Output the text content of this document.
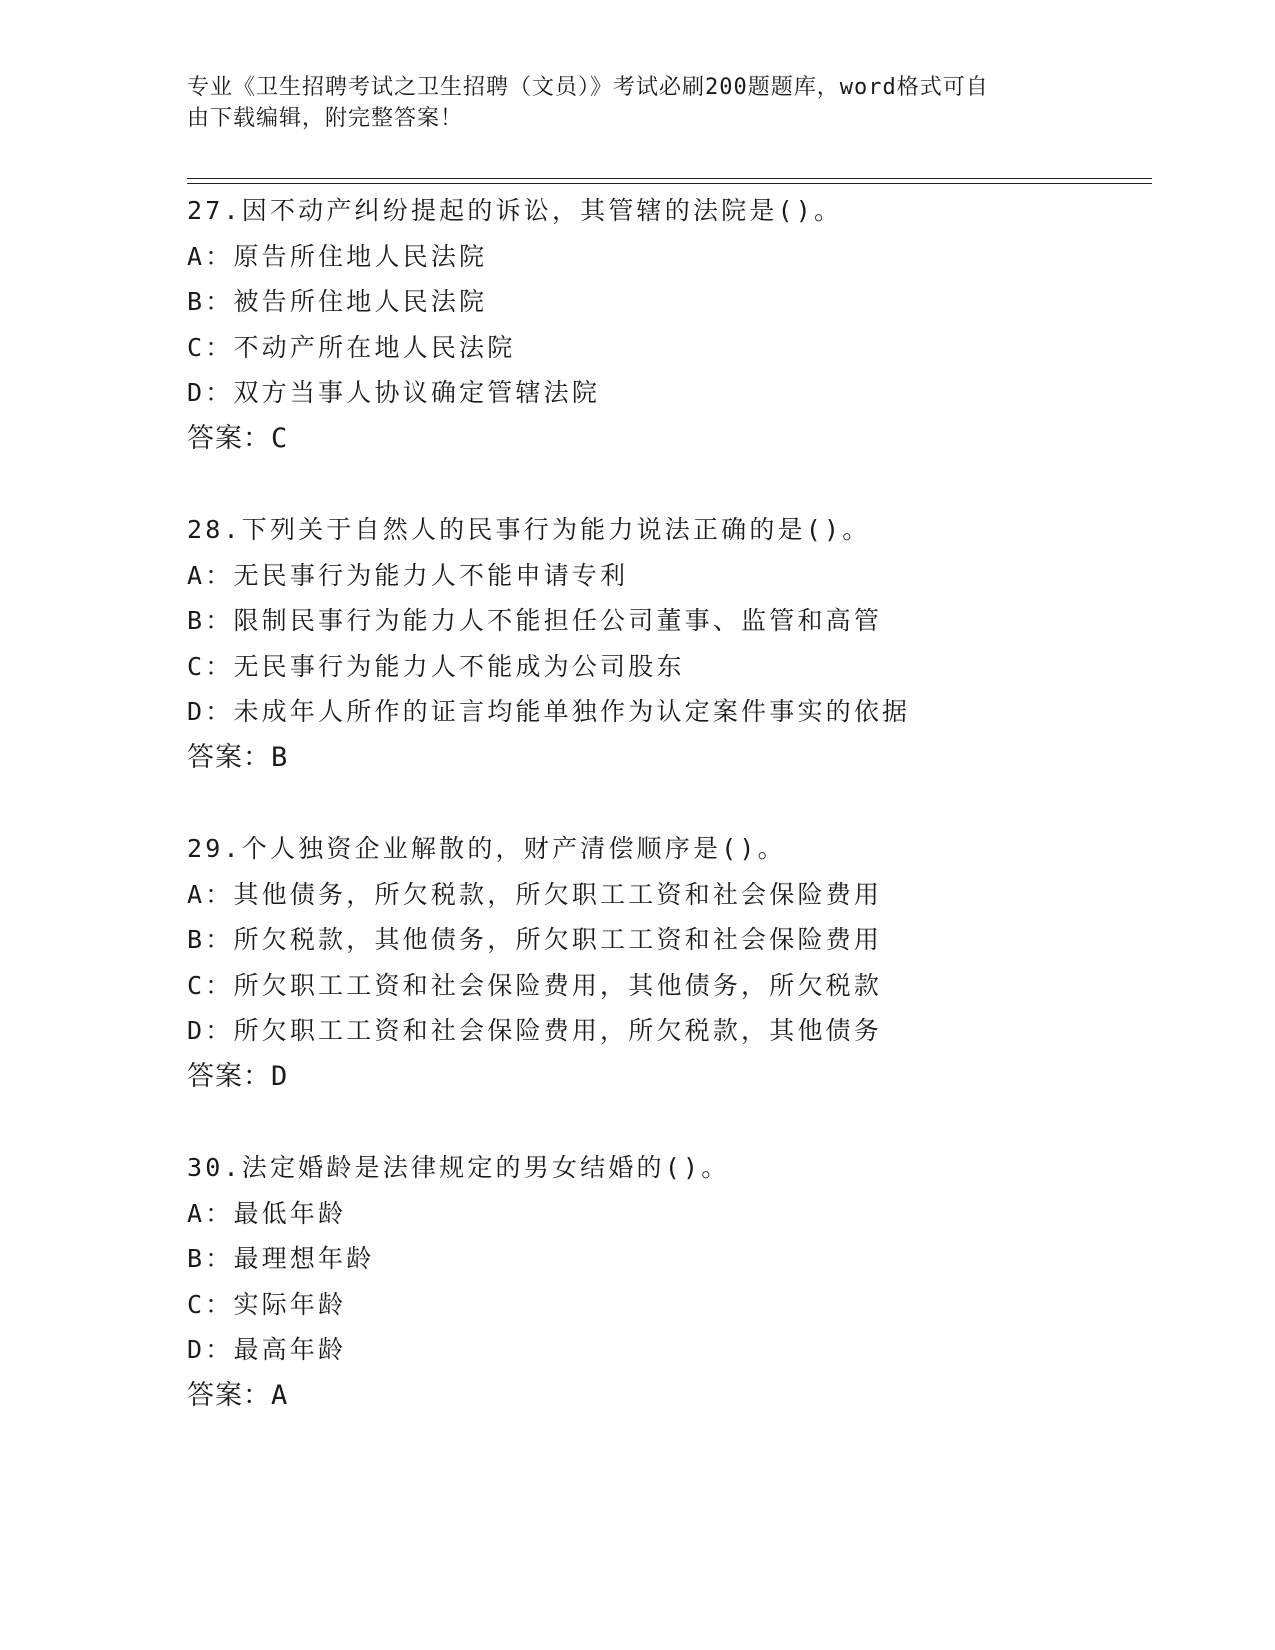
专业《卫生招聘考试之卫生招聘（文员）》考试必刷200题题库，word格式可自
由下载编辑，附完整答案！
27.因不动产纠纷提起的诉讼，其管辖的法院是()。
A：原告所住地人民法院
B：被告所住地人民法院
C：不动产所在地人民法院
D：双方当事人协议确定管辖法院
答案：C
28.下列关于自然人的民事行为能力说法正确的是()。
A：无民事行为能力人不能申请专利
B：限制民事行为能力人不能担任公司董事、监管和高管
C：无民事行为能力人不能成为公司股东
D：未成年人所作的证言均能单独作为认定案件事实的依据
答案：B
29.个人独资企业解散的，财产清偿顺序是()。
A：其他债务，所欠税款，所欠职工工资和社会保险费用
B：所欠税款，其他债务，所欠职工工资和社会保险费用
C：所欠职工工资和社会保险费用，其他债务，所欠税款
D：所欠职工工资和社会保险费用，所欠税款，其他债务
答案：D
30.法定婚龄是法律规定的男女结婚的()。
A：最低年龄
B：最理想年龄
C：实际年龄
D：最高年龄
答案：A
